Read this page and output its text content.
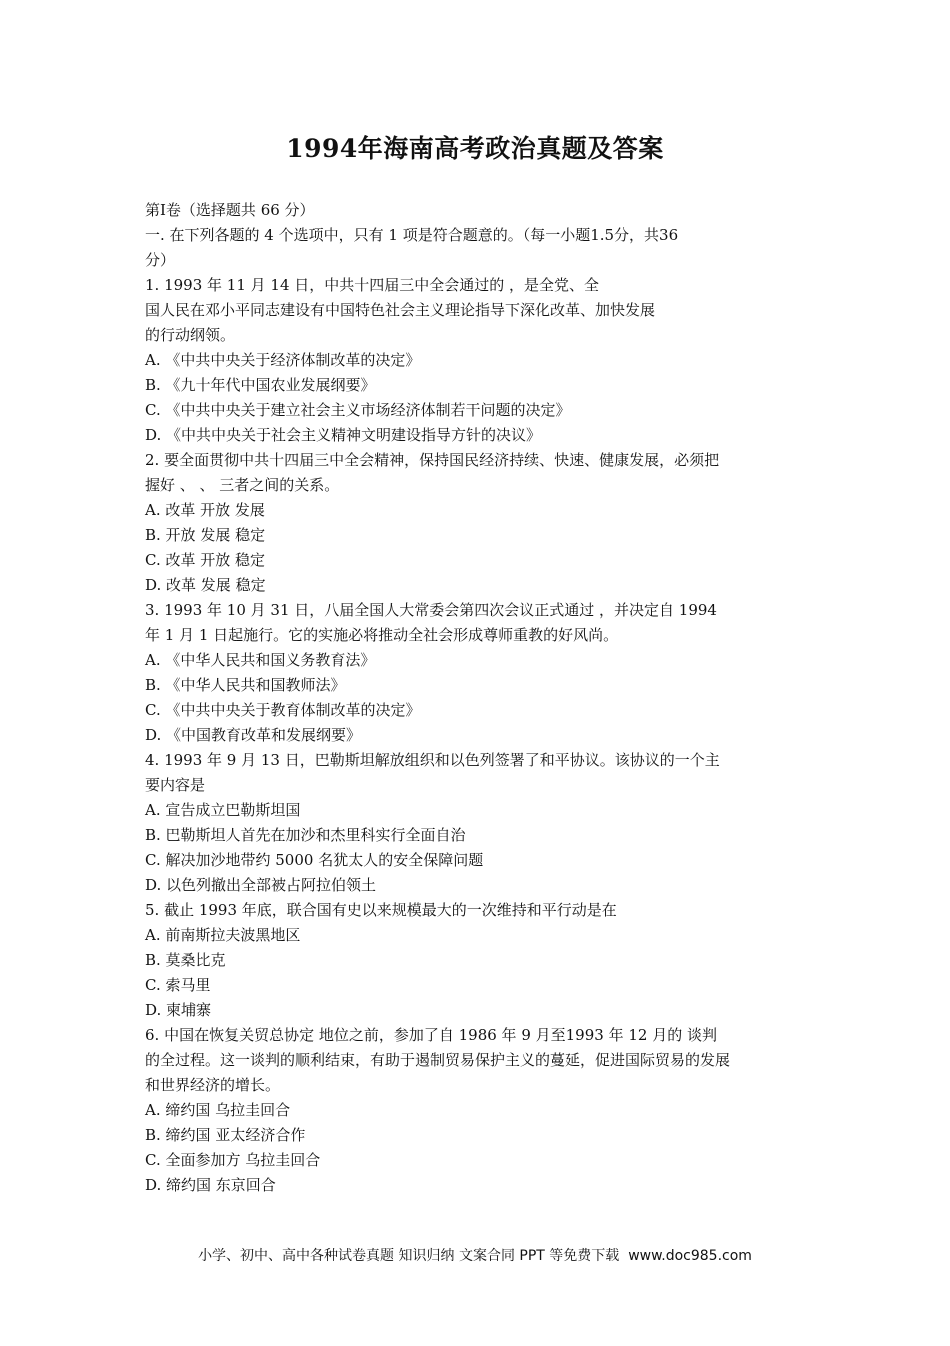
1994年海南高考政治真题及答案
第Ⅰ卷（选择题共 66 分）
一. 在下列各题的 4 个选项中，只有 1 项是符合题意的。（每一小题1.5分，共36
分）
1. 1993 年 11 月 14 日，中共十四届三中全会通过的 ，是全党、全
国人民在邓小平同志建设有中国特色社会主义理论指导下深化改革、加快发展
的行动纲领。
A. 《中共中央关于经济体制改革的决定》
B. 《九十年代中国农业发展纲要》
C. 《中共中央关于建立社会主义市场经济体制若干问题的决定》
D. 《中共中央关于社会主义精神文明建设指导方针的决议》
2. 要全面贯彻中共十四届三中全会精神，保持国民经济持续、快速、健康发展，必须把
握好 、 、 三者之间的关系。
A. 改革 开放 发展
B. 开放 发展 稳定
C. 改革 开放 稳定
D. 改革 发展 稳定
3. 1993 年 10 月 31 日，八届全国人大常委会第四次会议正式通过 ，并决定自 1994
年 1 月 1 日起施行。它的实施必将推动全社会形成尊师重教的好风尚。
A. 《中华人民共和国义务教育法》
B. 《中华人民共和国教师法》
C. 《中共中央关于教育体制改革的决定》
D. 《中国教育改革和发展纲要》
4. 1993 年 9 月 13 日，巴勒斯坦解放组织和以色列签署了和平协议。该协议的一个主
要内容是
A. 宣告成立巴勒斯坦国
B. 巴勒斯坦人首先在加沙和杰里科实行全面自治
C. 解决加沙地带约 5000 名犹太人的安全保障问题
D. 以色列撤出全部被占阿拉伯领土
5. 截止 1993 年底，联合国有史以来规模最大的一次维持和平行动是在
A. 前南斯拉夫波黑地区
B. 莫桑比克
C. 索马里
D. 柬埔寨
6. 中国在恢复关贸总协定 地位之前，参加了自 1986 年 9 月至1993 年 12 月的 谈判
的全过程。这一谈判的顺利结束，有助于遏制贸易保护主义的蔓延，促进国际贸易的发展
和世界经济的增长。
A. 缔约国 乌拉圭回合
B. 缔约国 亚太经济合作
C. 全面参加方 乌拉圭回合
D. 缔约国 东京回合
小学、初中、高中各种试卷真题 知识归纳 文案合同 PPT 等免费下载  www.doc985.com
